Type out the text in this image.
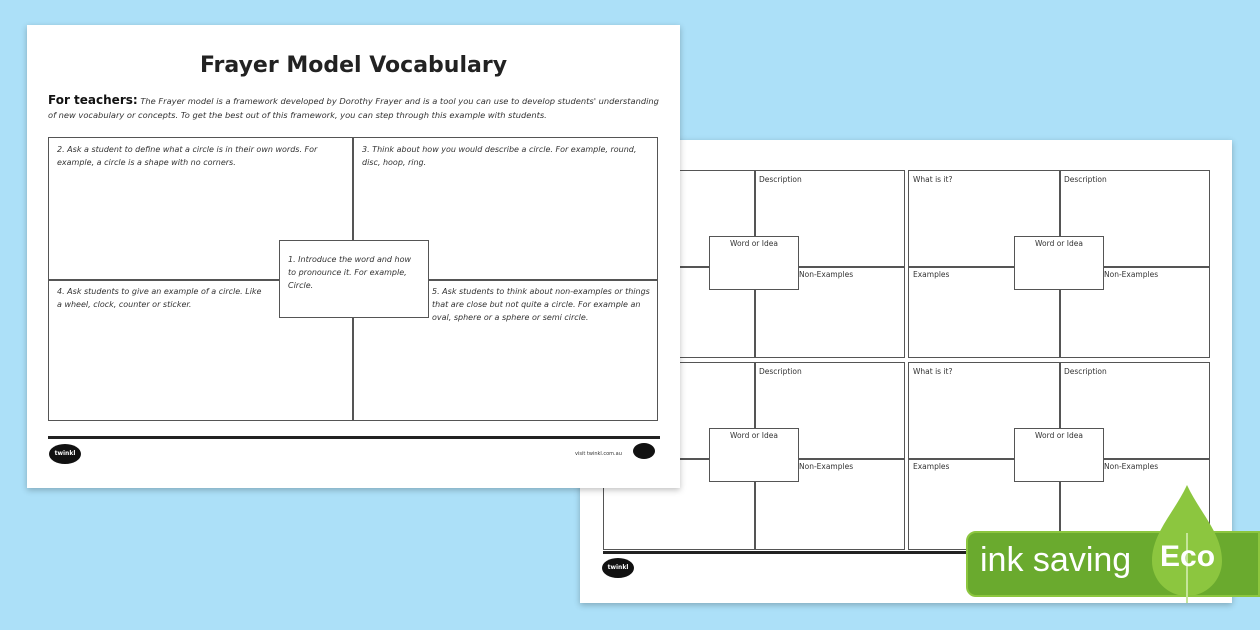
Description
Non-Examples
Word or Idea
What is it?	Description
Examples	Non-Examples
Word or Idea
Description
Non-Examples
Word or Idea
What is it?	Description
Examples	Non-Examples
Word or Idea
twinkl
Frayer Model Vocabulary
For teachers: The Frayer model is a framework developed by Dorothy Frayer and is a tool you can use to develop students' understanding of new vocabulary or concepts. To get the best out of this framework, you can step through this example with students.
2. Ask a student to define what a circle is in their own words. For example, a circle is a shape with no corners.
3. Think about how you would describe a circle. For example, round, disc, hoop, ring.
4. Ask students to give an example of a circle. Like a wheel, clock, counter or sticker.
5. Ask students to think about non-examples or things that are close but not quite a circle. For example an oval, sphere or a sphere or semi circle.
1. Introduce the word and how to pronounce it. For example, Circle.
twinkl	visit twinkl.com.au
ink saving Eco
